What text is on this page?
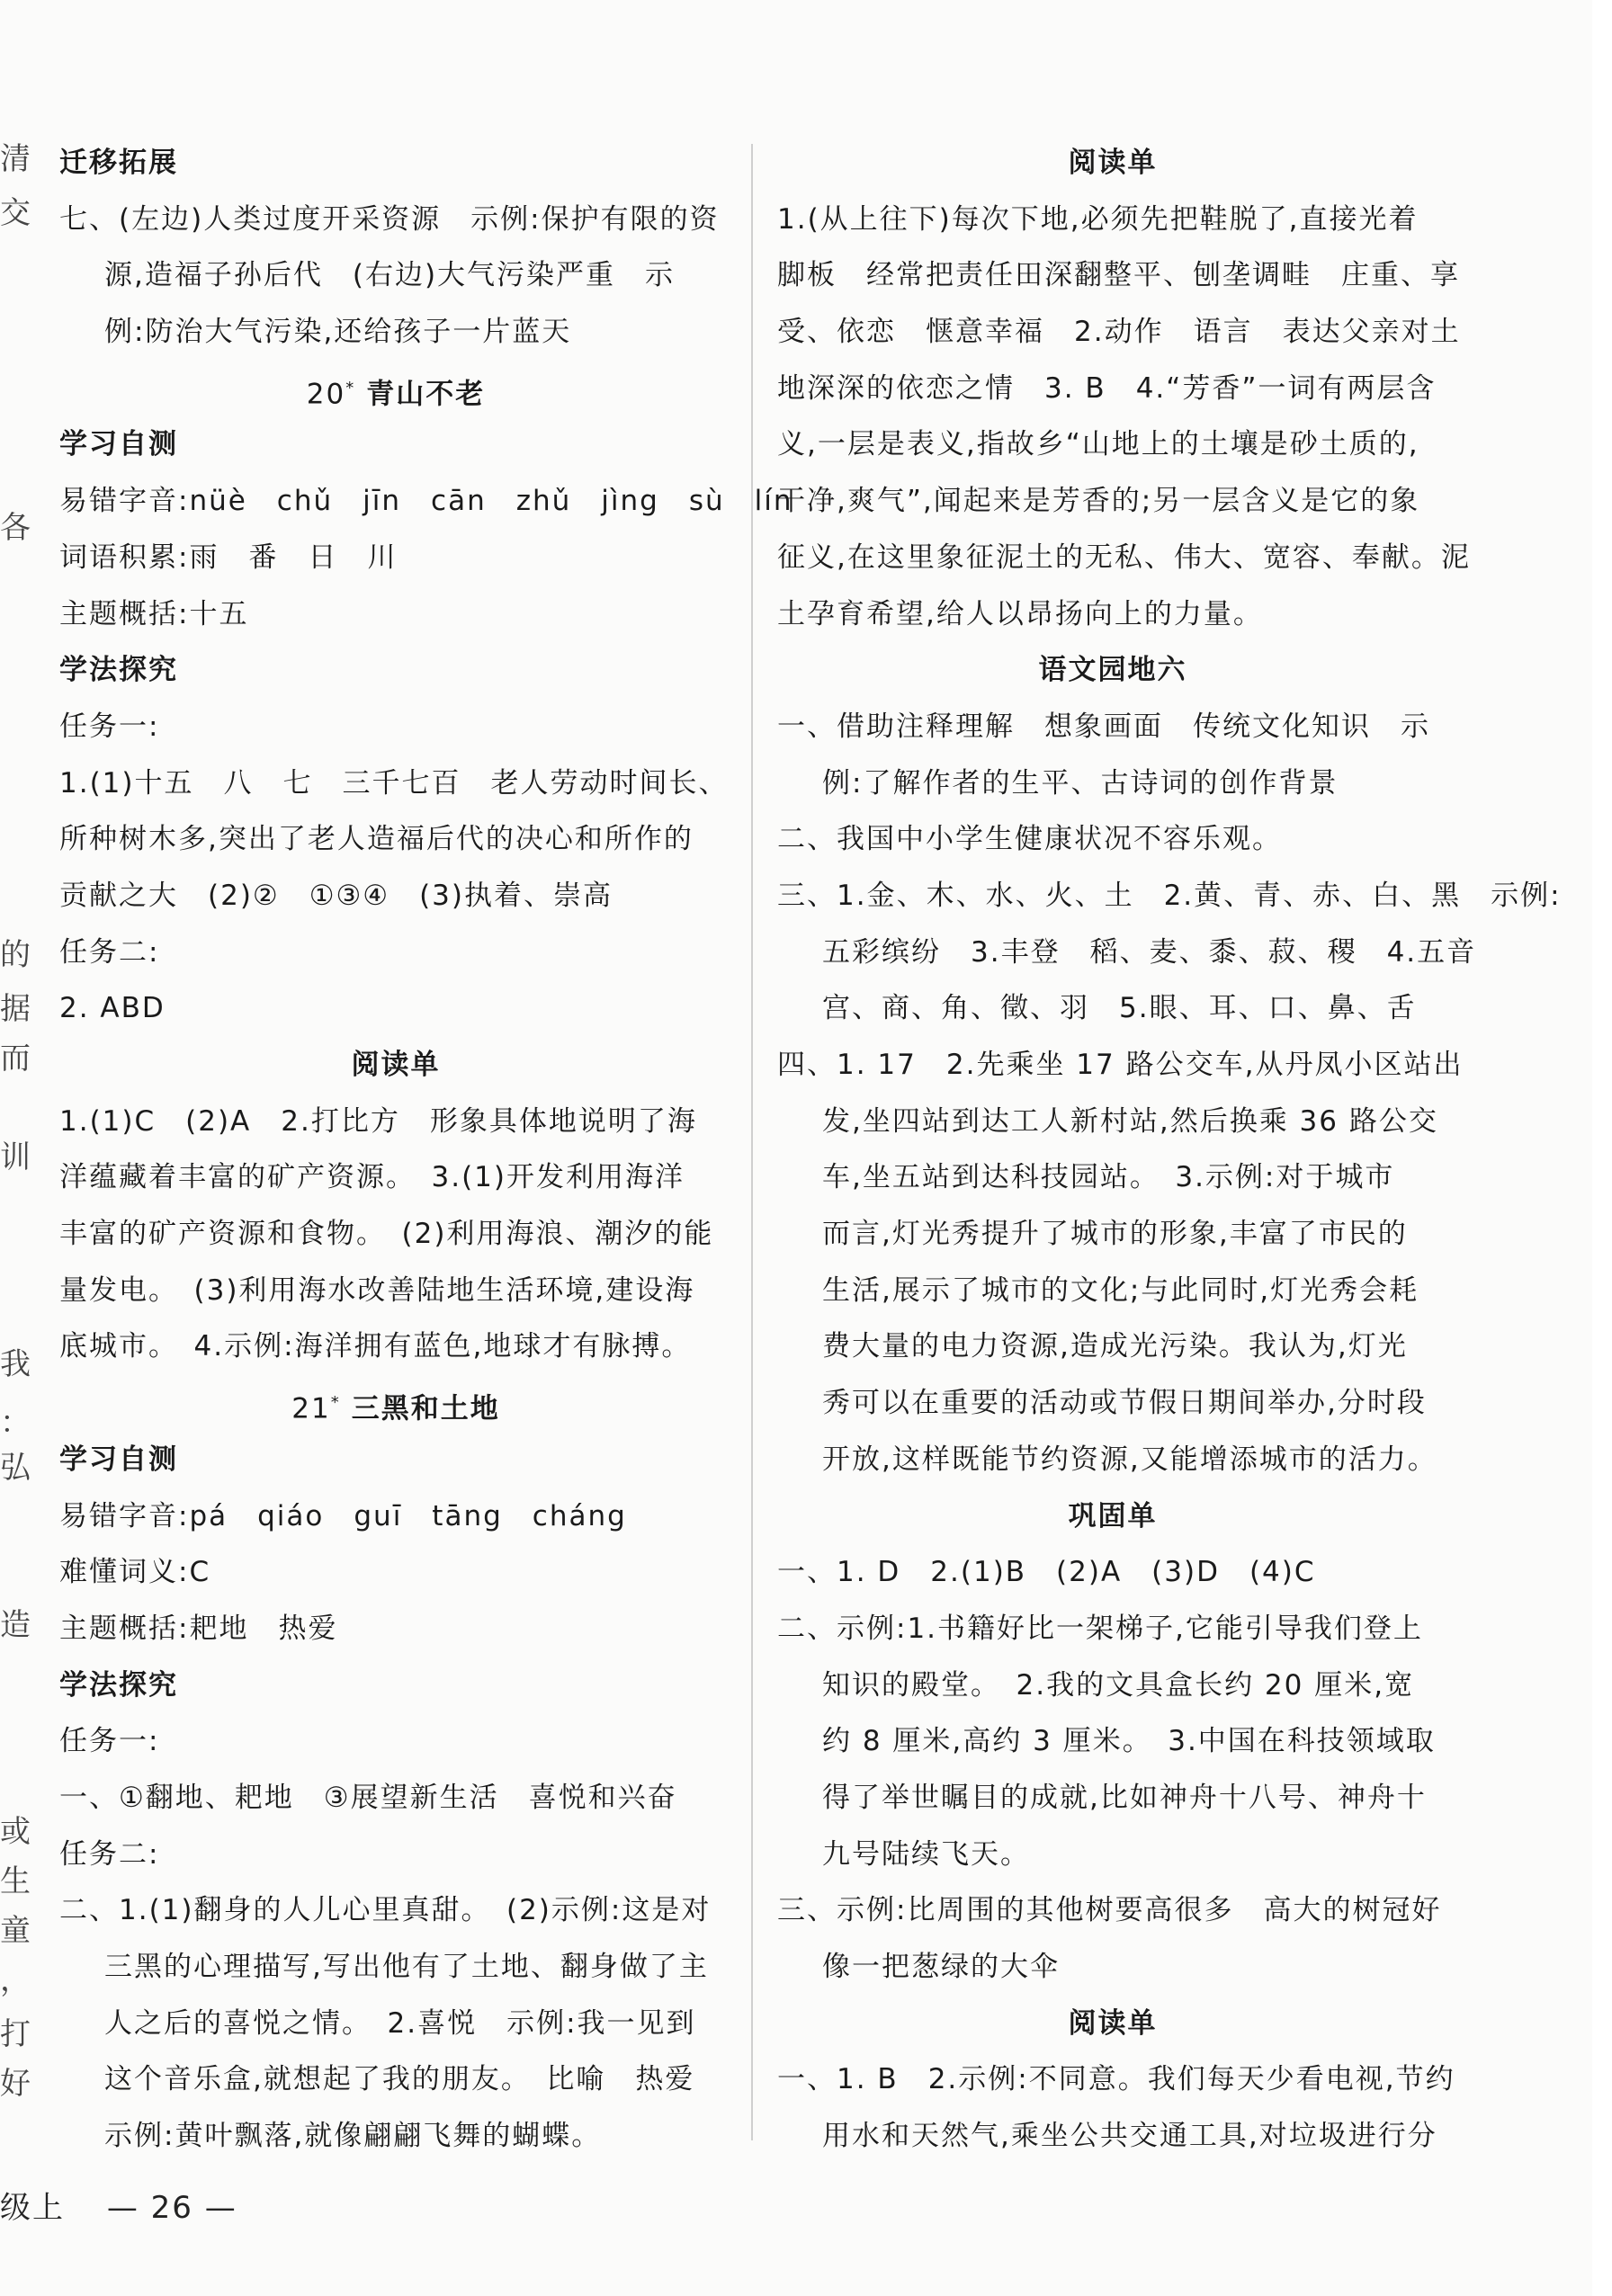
清
交
各
的
据
而
训
我
：
弘
造
或
生
童
，
打
好
迁移拓展
七、(左边)人类过度开采资源　示例:保护有限的资
源,造福子孙后代　(右边)大气污染严重　示
例:防治大气污染,还给孩子一片蓝天
20* 青山不老
学习自测
易错字音:nüè　chǔ　jīn　cān　zhǔ　jìng　sù　lín
词语积累:雨　番　日　川
主题概括:十五
学法探究
任务一:
1.(1)十五　八　七　三千七百　老人劳动时间长、
所种树木多,突出了老人造福后代的决心和所作的
贡献之大　(2)②　①③④　(3)执着、崇高
任务二:
2. ABD
阅读单
1.(1)C　(2)A　2.打比方　形象具体地说明了海
洋蕴藏着丰富的矿产资源。　3.(1)开发利用海洋
丰富的矿产资源和食物。　(2)利用海浪、潮汐的能
量发电。　(3)利用海水改善陆地生活环境,建设海
底城市。　4.示例:海洋拥有蓝色,地球才有脉搏。
21* 三黑和土地
学习自测
易错字音:pá　qiáo　guī　tāng　cháng
难懂词义:C
主题概括:耙地　热爱
学法探究
任务一:
一、①翻地、耙地　③展望新生活　喜悦和兴奋
任务二:
二、1.(1)翻身的人儿心里真甜。　(2)示例:这是对
三黑的心理描写,写出他有了土地、翻身做了主
人之后的喜悦之情。　2.喜悦　示例:我一见到
这个音乐盒,就想起了我的朋友。　比喻　热爱
示例:黄叶飘落,就像翩翩飞舞的蝴蝶。
阅读单
1.(从上往下)每次下地,必须先把鞋脱了,直接光着
脚板　经常把责任田深翻整平、刨垄调畦　庄重、享
受、依恋　惬意幸福　2.动作　语言　表达父亲对土
地深深的依恋之情　3. B　4.“芳香”一词有两层含
义,一层是表义,指故乡“山地上的土壤是砂土质的,
干净,爽气”,闻起来是芳香的;另一层含义是它的象
征义,在这里象征泥土的无私、伟大、宽容、奉献。泥
土孕育希望,给人以昂扬向上的力量。
语文园地六
一、借助注释理解　想象画面　传统文化知识　示
例:了解作者的生平、古诗词的创作背景
二、我国中小学生健康状况不容乐观。
三、1.金、木、水、火、土　2.黄、青、赤、白、黑　示例:
五彩缤纷　3.丰登　稻、麦、黍、菽、稷　4.五音
宫、商、角、徵、羽　5.眼、耳、口、鼻、舌
四、1. 17　2.先乘坐 17 路公交车,从丹凤小区站出
发,坐四站到达工人新村站,然后换乘 36 路公交
车,坐五站到达科技园站。　3.示例:对于城市
而言,灯光秀提升了城市的形象,丰富了市民的
生活,展示了城市的文化;与此同时,灯光秀会耗
费大量的电力资源,造成光污染。我认为,灯光
秀可以在重要的活动或节假日期间举办,分时段
开放,这样既能节约资源,又能增添城市的活力。
巩固单
一、1. D　2.(1)B　(2)A　(3)D　(4)C
二、示例:1.书籍好比一架梯子,它能引导我们登上
知识的殿堂。　2.我的文具盒长约 20 厘米,宽
约 8 厘米,高约 3 厘米。　3.中国在科技领域取
得了举世瞩目的成就,比如神舟十八号、神舟十
九号陆续飞天。
三、示例:比周围的其他树要高很多　高大的树冠好
像一把葱绿的大伞
阅读单
一、1. B　2.示例:不同意。我们每天少看电视,节约
用水和天然气,乘坐公共交通工具,对垃圾进行分
级上 — 26 —
